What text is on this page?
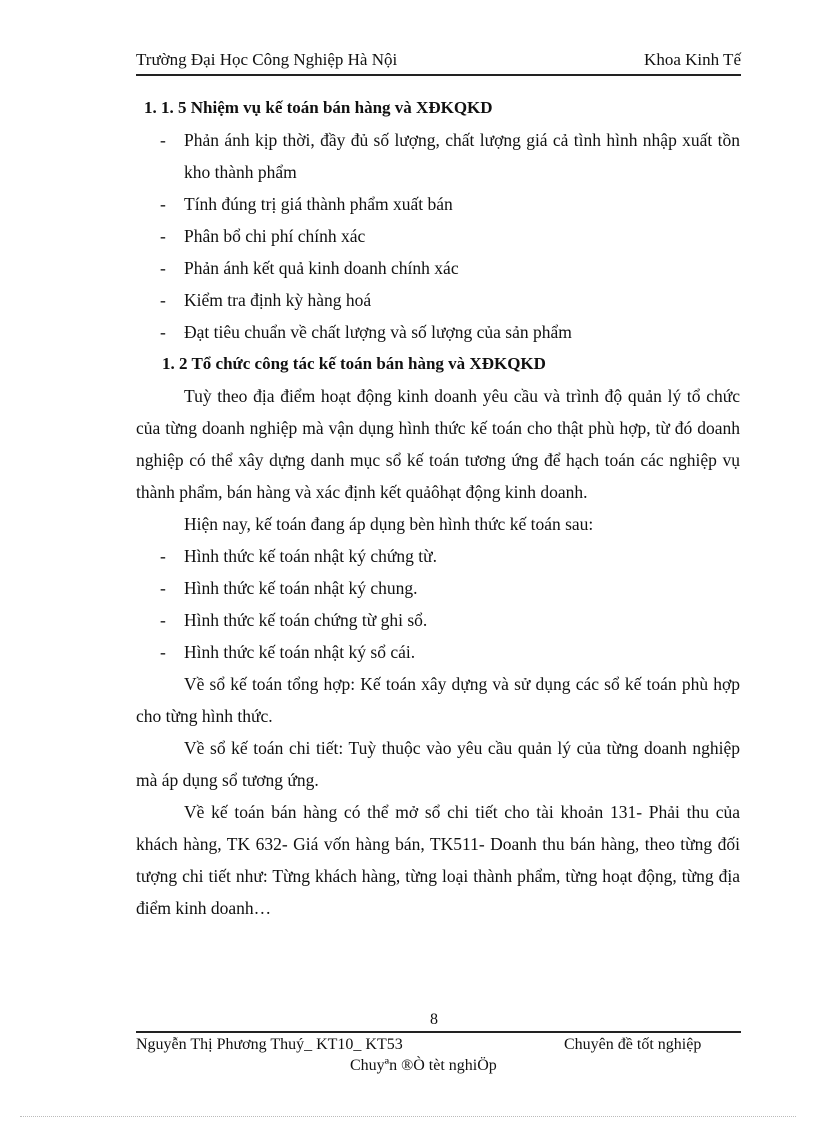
Trường Đại Học Công Nghiệp Hà Nội	Khoa Kinh Tế
1. 1. 5 Nhiệm vụ kế toán bán hàng và XĐKQKD
- Phản ánh kịp thời, đầy đủ số lượng, chất lượng giá cả tình hình nhập xuất tồn kho thành phẩm
- Tính đúng trị giá thành phẩm xuất bán
- Phân bổ chi phí chính xác
- Phản ánh kết quả kinh doanh chính xác
- Kiểm tra định kỳ hàng hoá
- Đạt tiêu chuẩn về chất lượng và số lượng của sản phẩm
1. 2 Tổ chức công tác kế toán bán hàng và XĐKQKD
Tuỳ theo địa điểm hoạt động kinh doanh yêu cầu và trình độ quản lý tổ chức của từng doanh nghiệp mà vận dụng hình thức kế toán cho thật phù hợp, từ đó doanh nghiệp có thể xây dựng danh mục sổ kế toán tương ứng để hạch toán các nghiệp vụ thành phẩm, bán hàng và xác định kết quảôhạt động kinh doanh.
Hiện nay, kế toán đang áp dụng bèn hình thức kế toán sau:
- Hình thức kế toán nhật ký chứng từ.
- Hình thức kế toán nhật ký chung.
- Hình thức kế toán chứng từ ghi sổ.
- Hình thức kế toán nhật ký sổ cái.
Về sổ kế toán tổng hợp: Kế toán xây dựng và sử dụng các sổ kế toán phù hợp cho từng hình thức.
Về sổ kế toán chi tiết: Tuỳ thuộc vào yêu cầu quản lý của từng doanh nghiệp mà áp dụng sổ tương ứng.
Về kế toán bán hàng có thể mở sổ chi tiết cho tài khoản 131- Phải thu của khách hàng, TK 632- Giá vốn hàng bán, TK511- Doanh thu bán hàng, theo từng đối tượng chi tiết như: Từng khách hàng, từng loại thành phẩm, từng hoạt động, từng địa điểm kinh doanh…
8
Nguyễn Thị Phương Thuý_ KT10_ KT53	Chuyên đề tốt nghiệp
Chuyªn ®Ò tèt nghiÖp
